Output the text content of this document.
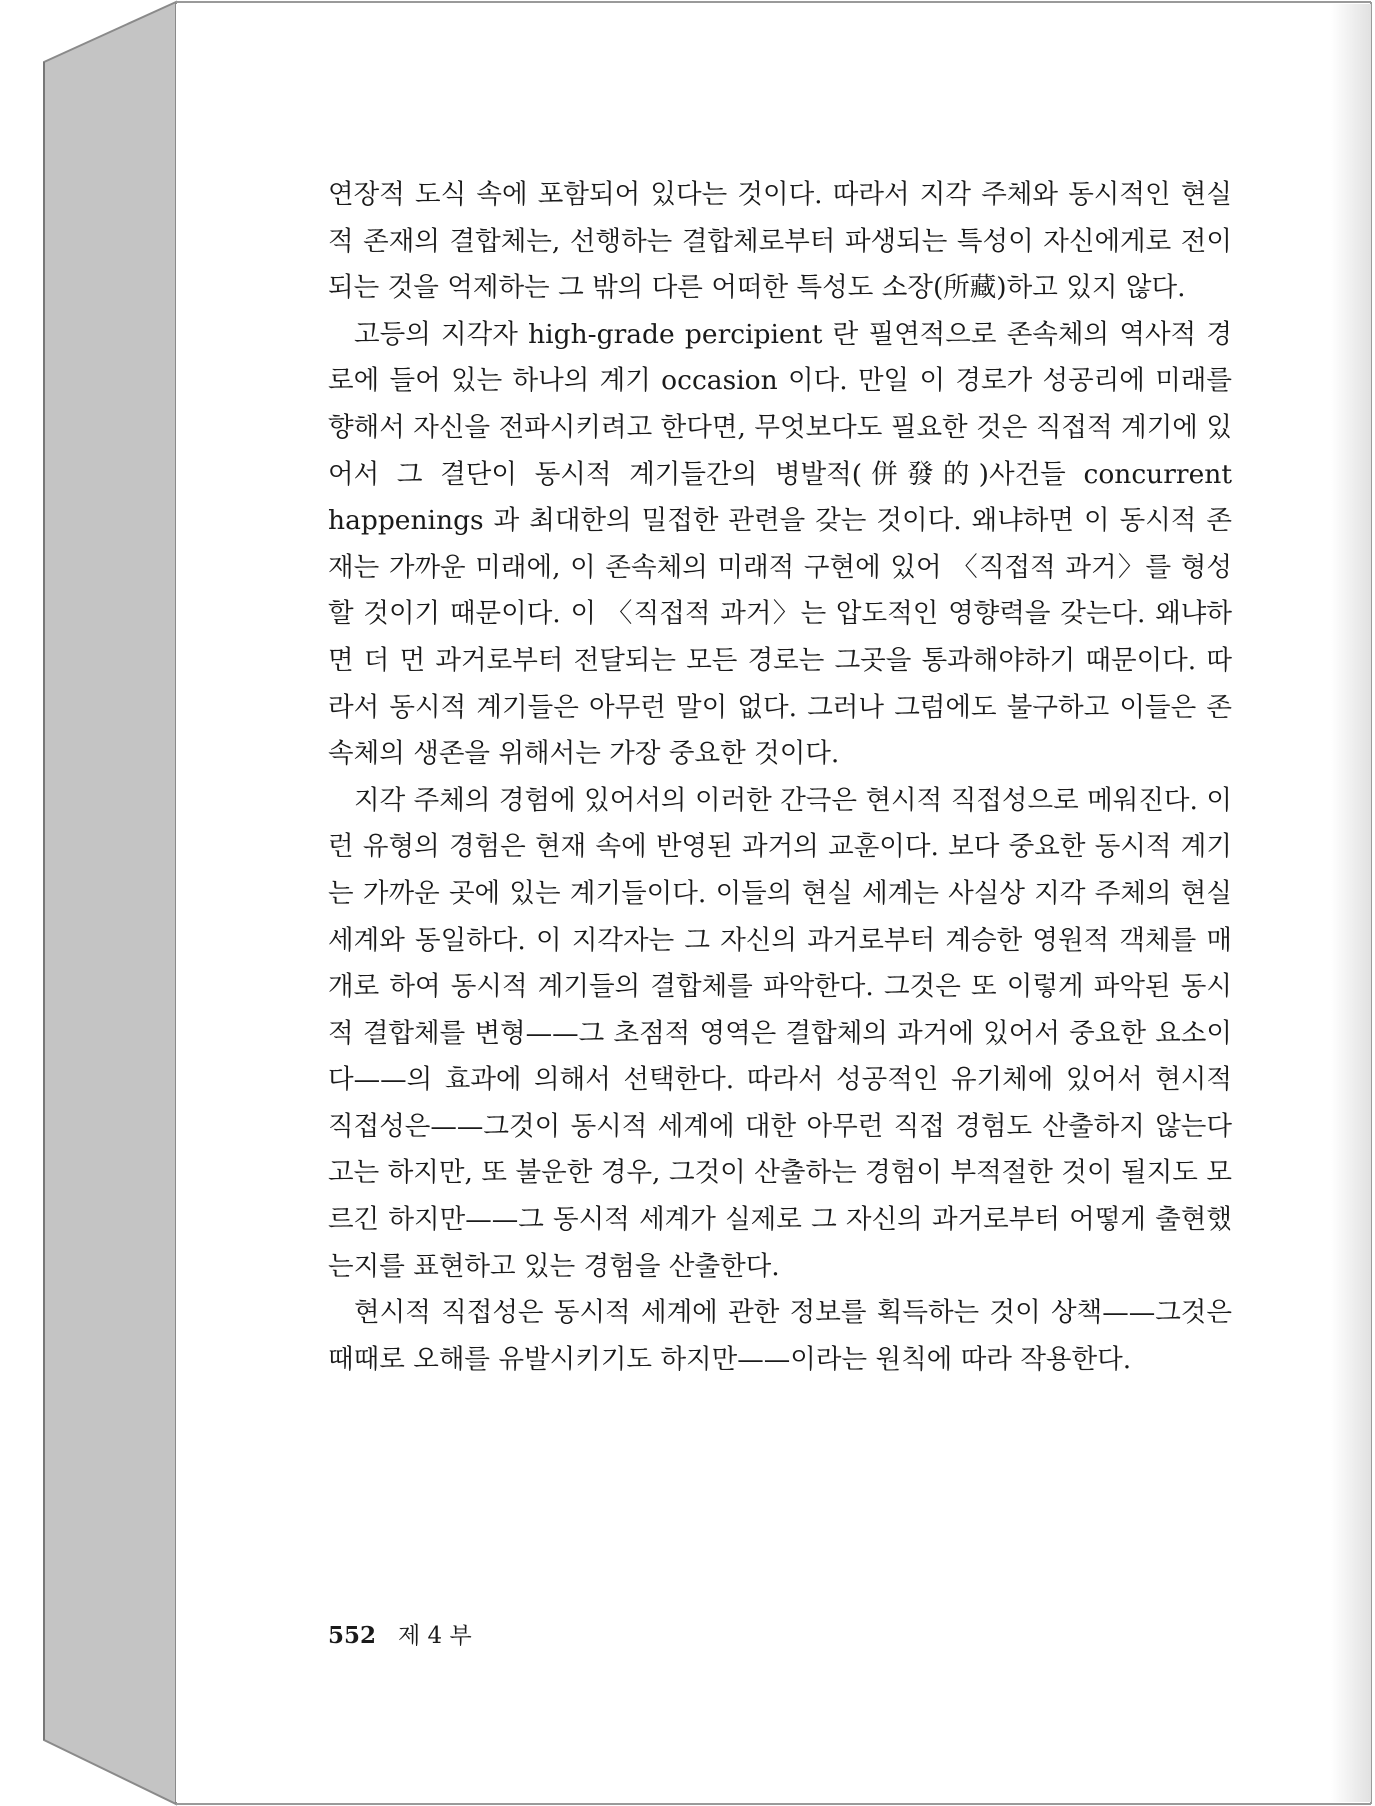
연장적 도식 속에 포함되어 있다는 것이다. 따라서 지각 주체와 동시적인 현실적 존재의 결합체는, 선행하는 결합체로부터 파생되는 특성이 자신에게로 전이되는 것을 억제하는 그 밖의 다른 어떠한 특성도 소장(所藏)하고 있지 않다.

고등의 지각자 high-grade percipient 란 필연적으로 존속체의 역사적 경로에 들어 있는 하나의 계기 occasion 이다. 만일 이 경로가 성공리에 미래를 향해서 자신을 전파시키려고 한다면, 무엇보다도 필요한 것은 직접적 계기에 있어서 그 결단이 동시적 계기들간의 병발적(併發的)사건들 concurrent happenings 과 최대한의 밀접한 관련을 갖는 것이다. 왜냐하면 이 동시적 존재는 가까운 미래에, 이 존속체의 미래적 구현에 있어 〈직접적 과거〉를 형성할 것이기 때문이다. 이 〈직접적 과거〉는 압도적인 영향력을 갖는다. 왜냐하면 더 먼 과거로부터 전달되는 모든 경로는 그곳을 통과해야하기 때문이다. 따라서 동시적 계기들은 아무런 말이 없다. 그러나 그럼에도 불구하고 이들은 존속체의 생존을 위해서는 가장 중요한 것이다.

지각 주체의 경험에 있어서의 이러한 간극은 현시적 직접성으로 메워진다. 이런 유형의 경험은 현재 속에 반영된 과거의 교훈이다. 보다 중요한 동시적 계기는 가까운 곳에 있는 계기들이다. 이들의 현실 세계는 사실상 지각 주체의 현실 세계와 동일하다. 이 지각자는 그 자신의 과거로부터 계승한 영원적 객체를 매개로 하여 동시적 계기들의 결합체를 파악한다. 그것은 또 이렇게 파악된 동시적 결합체를 변형——그 초점적 영역은 결합체의 과거에 있어서 중요한 요소이다——의 효과에 의해서 선택한다. 따라서 성공적인 유기체에 있어서 현시적 직접성은——그것이 동시적 세계에 대한 아무런 직접 경험도 산출하지 않는다고는 하지만, 또 불운한 경우, 그것이 산출하는 경험이 부적절한 것이 될지도 모르긴 하지만——그 동시적 세계가 실제로 그 자신의 과거로부터 어떻게 출현했는지를 표현하고 있는 경험을 산출한다.

현시적 직접성은 동시적 세계에 관한 정보를 획득하는 것이 상책——그것은 때때로 오해를 유발시키기도 하지만——이라는 원칙에 따라 작용한다.

552 제 4 부
